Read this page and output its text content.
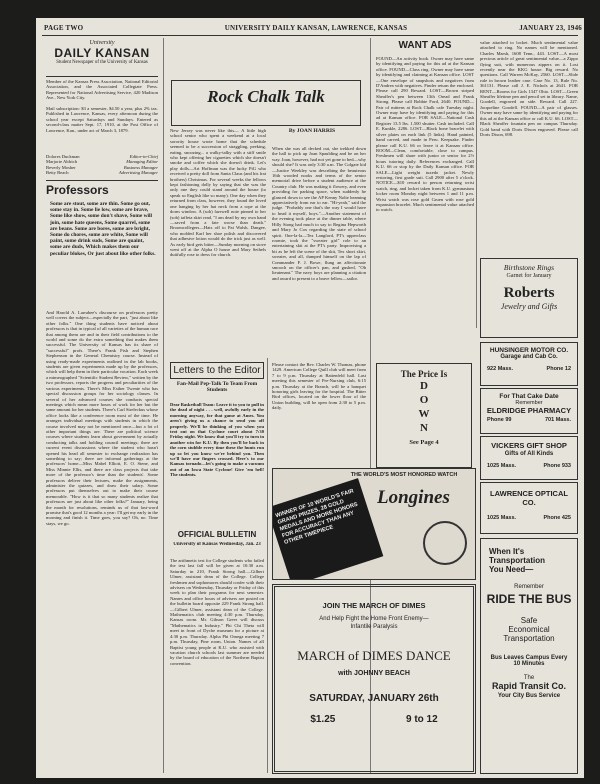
PAGE TWO	UNIVERSITY DAILY KANSAN, LAWRENCE, KANSAS	JANUARY 23, 1946
University
DAILY KANSAN
Student Newspaper of the University of Kansas
Member of the Kansas Press Association, National Editorial Association, and the Associated Collegiate Press. Represented for National Advertising Service, 420 Madison Ave., New York City.
Mail subscription: $3 a semester, $4.50 a year, plus 2% tax. Published in Lawrence, Kansas, every afternoon during the school year except Saturdays and Sundays. Entered as second-class matter Sept. 17, 1910, at the Post Office of Lawrence, Kan., under act of March 3, 1879.
Dolores Duckman	Editor-in-Chief
Marjorie Aldrich	Managing Editor
Beverly Mosher	Business Manager
Betty Beach	Advertising Manager
Professors
Some are stout, some are thin. Some go out, some stay in. Some lie low, some are brave, Some like show, some don't shave, Some will join, some hate queens, Some quarrel, some are beans. Some are bores, some are bright, Some do chores, some are white, Some will paint, some drink suds, Some are quaint, some are duds, Which makes them our peculiar blokes, Or just about like other folks.
And Harold A. Larrabee's discourse on professors pretty well covers the subject—especially the part, "just about like other folks." One thing students have noticed about professors is that in typical of all varieties of the human race that among them are and in their field contributions to the world and some do the extra something that makes them successful. The University of Kansas has its share of "successful" profs. There's Frank Fish and Stephen Stephenson in the General Chemistry course. Instead of using ready-made experiments outlined in the lab books, students are given experiments made up by the professors, which will help them in their particular vocation. Each week a mimeographed "Scientific Student Review," written by the two professors, reports the progress and peculiarities of the various experiments. There's Miss Esther Twente who has special discussion groups for her sociology classes. In several of her advanced courses she conducts special meetings which mean more hours of work for her but the same amount for her students. There's Carl Streleckus whose office looks like a conference room most of the time. He arranges individual meetings with students in which the course involved may not be mentioned once—but a lot of other important things are. There are political science courses where students learn about government by actually conducting talks and holding council meetings; there are current event discussions where the student who hasn't opened his head all semester to exchange realization has something to say; there are informal gatherings at the professors' home—Miss Mabel Elliott, E. O. Stene, and Miss Minnie Ellis, and there are class projects that take more of the professor's time than the students'. Some professors deliver their lectures, make the assignments, administer the quizzes, and draw their salary. Some professors put themselves out to make their course memorable. "How is it that so many students realize that professors are just about like other folks?" January, being the month for resolutions, reminds us of that last-word promise that's good 12 months a year: I'll get my early in the morning and finish it. Time goes, you say? Oh, no. Time stays, we go.
Rock Chalk Talk
By JOAN HARRIS
New Jersey was never like this— A little high school senior who spent a weekend at a local sorority house wrote home that the schedule seemed to be a succession of straggling, peeking, eating, snoozing... a walky-talky with a stiff smile who kept offering her cigarettes which she doesn't smoke and coffee which she doesn't drink. Let's play dolls—Art Hoffman was the lucky PiG who received a pretty doll from Santa Claus (and his frat brothers) Christmas. For several weeks the fellows kept fashioning dolly by saying that she was the only one they could stand around the house (to speak so English like so many). One day when they returned from class, however, they found the loved one hanging by her hat neck from a rope at the dorm window. A (sob) farewell note pinned to her (sob) taffeta skirt read, "I am dead by my own hand —saved from a fate worse than death." Broomcollegers—Hats off to Pat Walsh, Dangee, who molded Karl her shoe polish and discovered that adhesive lotion would do the trick just as well. As early bird gets bitter—Sunday morning on stove went off at the Alpha O house and Mary Sethels dutifully rose to dress for church.
When she was all decked out, she trekked down the hall to pick up Joan Spaulding and be on her way. Joan, however, had not yet gone to bed—why should she? It was only 3:30 a.m. The Colgate kid—Justice Weekley was describing the beauteous 16th wooded nooks and terms of the senior memorial drive before a student audience at the Country club. He was making it flowery, and even providing for parking space, when suddenly he glanced down to see the AP Kenny Nolte beaming appreciatively from ear to ear. "Hi-yeah," said the judge. "Probably one that's the way I would have to head it myself, boys."—Another statement of the evening took place at the dinner table, where Hilly Stong had much to say to Regina Hepworth and Mary Jo Cox regarding the state of school spirit. One-la-la—Tex Langford, PT's upperclass roomie, took the "sweater girl" role to an entertaining skit at the PT's party. Improvising a bit as he left the scene of the skit, Tex short skirt, sweater, and all, dumped himself on the lap of Commander F. J. Bowe, flung an affectionate smooch on the officer's pan, and gushed, "Oh lieutenant." The navy boys are planning a citation and award to present to a brave fellow—sailor.
Letters to the Editor
Fan-Mail Pep-Talk To Team From Students
Dear Basketball Team: Leave it to you to pull in the dead of night . . . well, awfully early in the morning anyway, for that game at Ames. You aren't giving us a chance to send you off properly. We'll be thinking of you when you trot out on that Cyclone court about 7:30 Friday night. We know that you'll try to turn in another win for K.U. By then you'll be back in the corn stubble every time these the hunts run up so let you know we're behind you. Then we'll have our fingers crossed. Here's to our Kansas tornado—let's going to make a vacuum out of an Iowa State Cyclone! Give 'em hell! The students.
OFFICIAL BULLETIN
University of Kansas Wednesday, Jan. 23
The arithmetic test for College students who failed the test last fall will be given at 10:30 a.m. Saturday in 210, Frank Strong hall.—Gilbert Ulmer, assistant dean of the College. College freshmen and sophomores should confer with their advisers on Wednesday, Thursday or Friday of this week to plan their programs for next semester. Names and office hours of advisers are posted on the bulletin board opposite 229 Frank Strong hall.—Gilbert Ulmer, assistant dean of the College. Mathematics club meeting 4:30 p.m. Thursday, Kansas room. Mr. Gibson Greer will discuss "Mathematics in Industry." Phi Chi Theta will meet in front of Dyche museum for a picture at 4:30 p.m. Thursday. Alpha Phi Omega meeting 7 p.m. Thursday, Pine room, Union. Names of all Baptist young people at K.U. who assisted with vacation church schools last summer are needed by the board of education of the Northern Baptist convention.
Please contact the Rev. Charles W. Thomas, phone 1429. American College Quill club will meet from 7 to 9 p.m. Thursday at Battenfeld hall. Last meeting this semester of Pre-Nursing club, 6:15 p.m. Thursday at the Branch, will be a banquet honoring girls leaving for the hospital. The Bitter Bird offices, located on the lower floor of the Union building, will be open from 2:30 to 5 p.m. daily.
WANT ADS
FOUND—An activity book. Owner may have same by identifying and paying for this ad at the Kansan office. FOUND—Class ring. Owner may have same by identifying and claiming at Kansan office. LOST—One envelope of snapshots and negatives from D'Andrea with negatives. Finder return the enclosed. Please call 290 Reward. LOST—Brown striped Sheaffer's pen between 13th Oread and Frank Strong. Please call Bobbie Ford, 2640. FOUND—Pair of mittens at Rock Chalk cafe Tuesday night. Owner may have by identifying and paying for this ad at Kansan office. FOR SALE—National Cash Register 13.5 lbs. 1,500 shutter. Cash included. Call E. Kunkle, 2286. LOST—Black bone bracelet with silver plates on each link (5 links). Hand painted, hand carved, and made in Peru. Keepsake. Finder please call K.U. 66 or leave it at Kansan office. ROOM—Clean, comfortable, close to campus. Freshmen will share with junior or senior for 2½ hours tutoring daily. References exchanged. Call K.U. 66 or stop by the Daily Kansan office. FOR SALE—Light weight tuxedo jacket. Newly restoring, first grade suit. Call 2900 after 5 o'clock. NOTICE—$10 reward to person returning wrist watch, ring, and locket taken from K.U. gymnasium locker room Monday night between 1 and 11 p.m. Wrist watch was rose gold Gruen with rose gold expansion bracelet. Much sentimental value attached to watch.
value attached to locket. Much sentimental value attached to ring. No names will be mentioned. Charles Marsh, 1608 Tenn., 443. LOST—A most precious article of great sentimental value—a Zippo flying suit, with numerous zippers on it. Lost recently near the KKG house. Big reward. No questions. Call Warren McKay, 2560. LOST—Slide rule in brown leather case. Case No. 13, Rule No. 361131. Please call J. E. Nichols at 2641. FOR RENT—Rooms for Girls 1347 Ohio. LOST—Green Sheaffer lifetime pen and pencil set in library. Name, Goodell, engraved on side. Reward. Call 227. Jacqueline Goodell. FOUND—A pair of glasses. Owner may have same by identifying and paying for this ad at the Kansan office or call K.U. 66. LOST—Black Sheaffer fountain pen on campus Thursday. Gold band with Doris Dixon engraved. Please call Doris Dixon, 698.
Birthstone Rings
Garnet for January
Roberts
Jewelry and Gifts
The Price Is
D
O
W
N
See Page 4
HUNSINGER MOTOR CO.
Garage and Cab Co.
922 Mass.	Phone 12
For That Cake Date
Remember
ELDRIDGE PHARMACY
Phone 99	701 Mass.
VICKERS GIFT SHOP
Gifts of All Kinds
1025 Mass.	Phone 933
LAWRENCE OPTICAL
CO.
1025 Mass.	Phone 425
THE WORLD'S MOST HONORED WATCH
Longines
WINNER OF 10 WORLD'S FAIR GRAND PRIZES, 28 GOLD MEDALS AND MORE HONORS FOR ACCURACY THAN ANY OTHER TIMEPIECE
When It's
Transportation
You Need—
Remember
RIDE THE BUS
Safe
Economical
Transportation
Bus Leaves Campus Every 10 Minutes
The
Rapid Transit Co.
Your City Bus Service
JOIN THE MARCH OF DIMES
And Help Fight the Home Front Enemy—
Infantile Paralysis
MARCH of DIMES DANCE
with JOHNNY BEACH
SATURDAY, JANUARY 26th
$1.25	9 to 12
